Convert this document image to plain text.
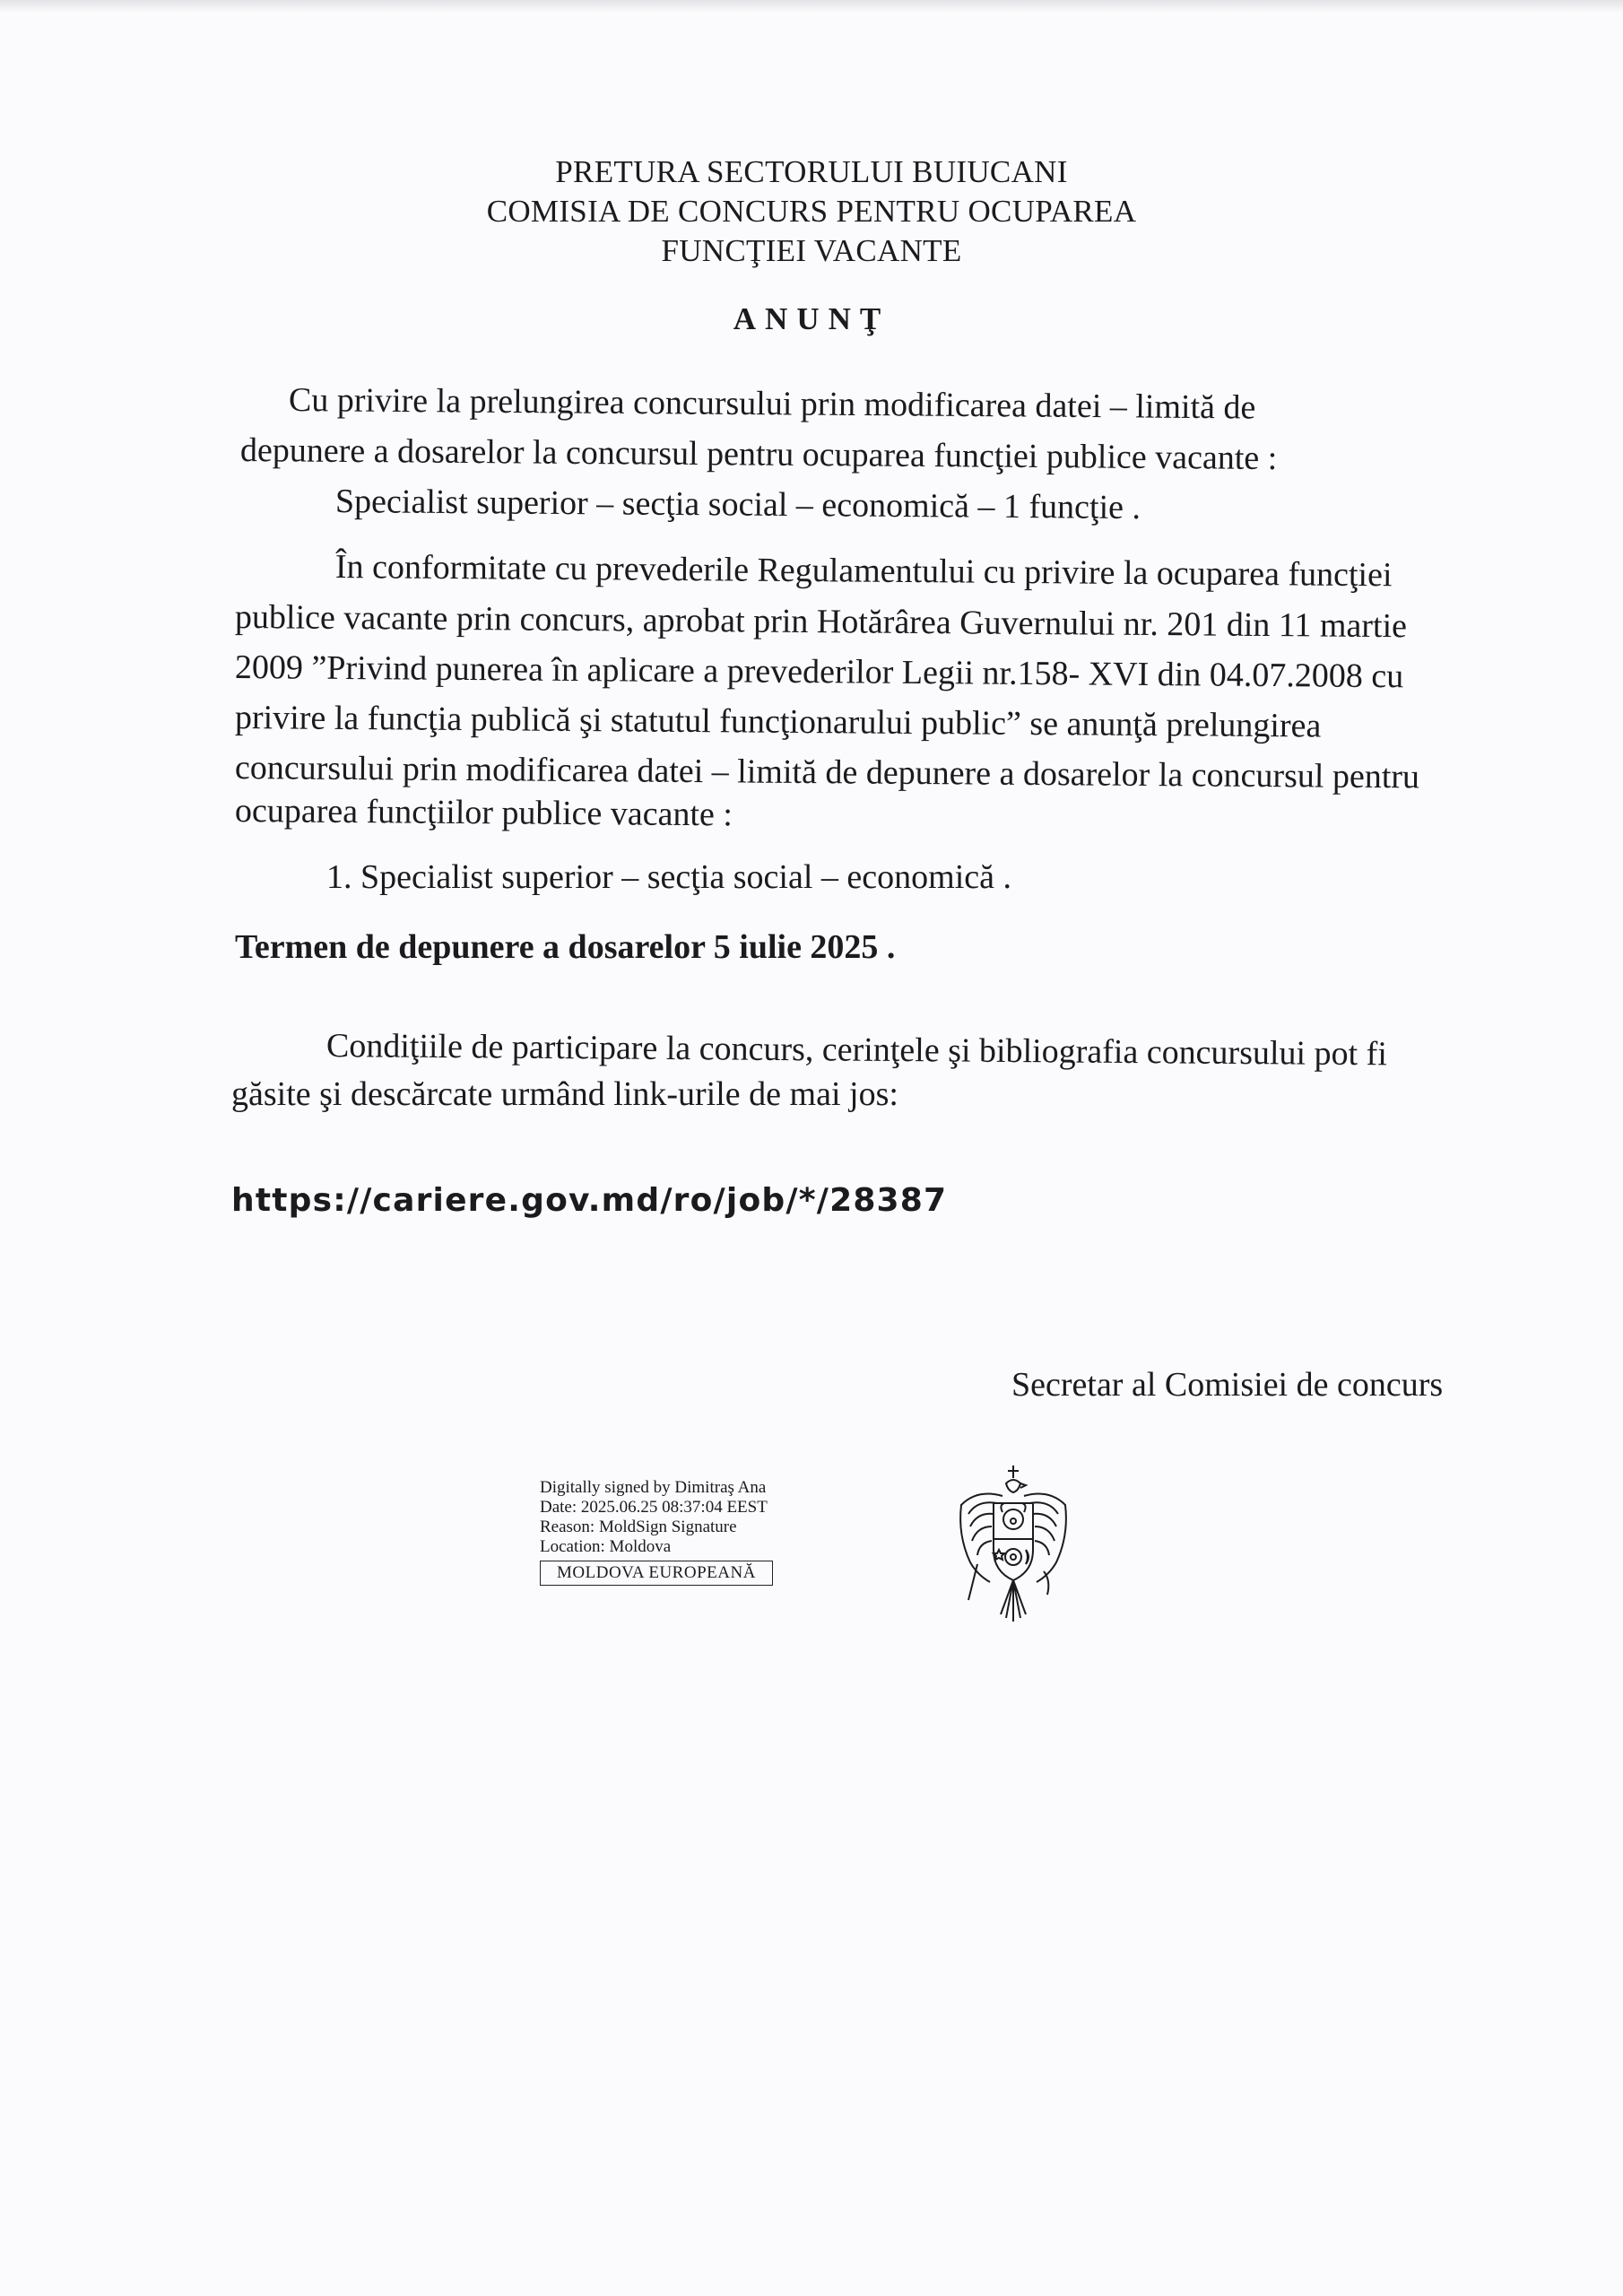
PRETURA SECTORULUI BUIUCANI
COMISIA DE CONCURS PENTRU OCUPAREA
FUNCŢIEI VACANTE
ANUNŢ
Cu privire la prelungirea concursului prin modificarea datei – limită de
depunere a dosarelor la concursul pentru ocuparea funcţiei publice vacante :
Specialist superior – secţia social – economică – 1 funcţie .
În conformitate cu prevederile Regulamentului cu privire la ocuparea funcţiei
publice vacante prin concurs, aprobat prin Hotărârea Guvernului nr. 201 din 11 martie
2009 ”Privind punerea în aplicare a prevederilor Legii nr.158- XVI din 04.07.2008 cu
privire la funcţia publică şi statutul funcţionarului public” se anunţă prelungirea
concursului prin modificarea datei – limită de depunere a dosarelor la concursul pentru
ocuparea funcţiilor publice vacante :
1. Specialist superior – secţia social – economică .
Termen de depunere a dosarelor 5 iulie 2025 .
Condiţiile de participare la concurs, cerinţele şi bibliografia concursului pot fi
găsite şi descărcate urmând link-urile de mai jos:
https://cariere.gov.md/ro/job/*/28387
Secretar al Comisiei de concurs
Digitally signed by Dimitraş Ana
Date: 2025.06.25 08:37:04 EEST
Reason: MoldSign Signature
Location: Moldova
MOLDOVA EUROPEANĂ
